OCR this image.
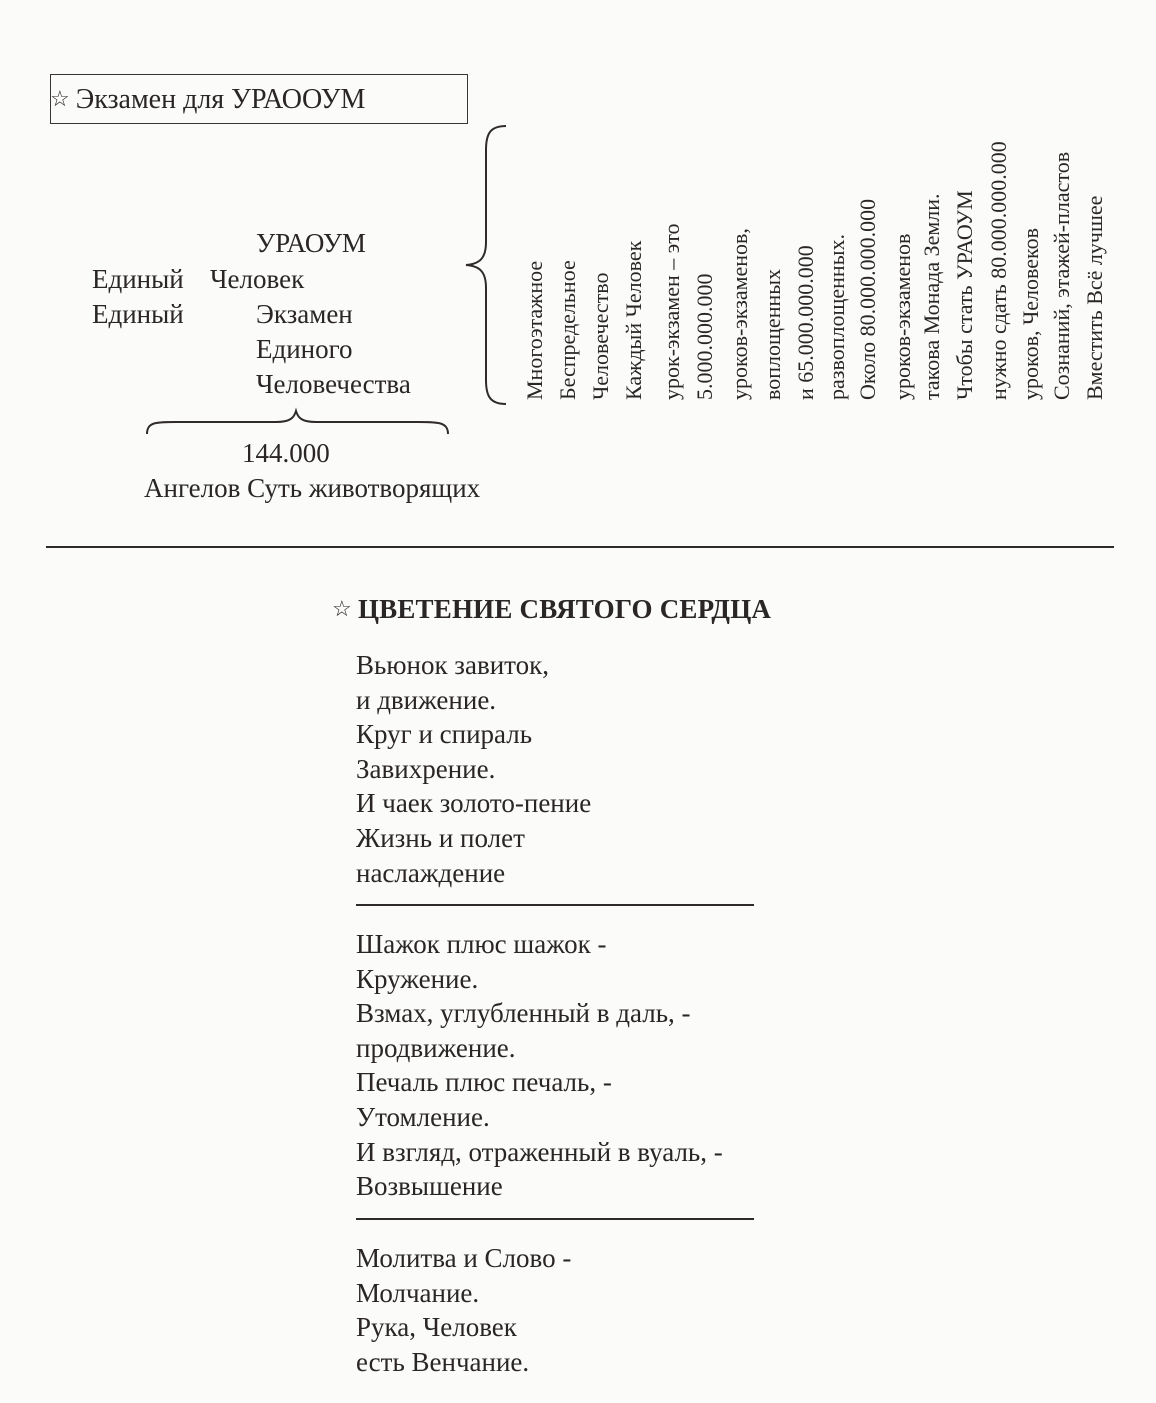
☆ Экзамен для УРАООУМ
УРАОУМ
Единый Человек
Единый	Экзамен
Единого
Человечества
144.000
Ангелов Суть животворящих
Многоэтажное Беспредельное Человечество Каждый Человек урок-экзамен – это 5.000.000.000 уроков-экзаменов, воплощенных и 65.000.000.000 развоплощенных. Около 80.000.000.000 уроков-экзаменов такова Монада Земли. Чтобы стать УРАОУМ нужно сдать 80.000.000.000 уроков, Человеков Сознаний, этажей-пластов Вместить Всё лучшее
☆ ЦВЕТЕНИЕ СВЯТОГО СЕРДЦА
Вьюнок завиток,
и движение.
Круг и спираль
Завихрение.
И чаек золото-пение
Жизнь и полет
наслаждение
Шажок плюс шажок -
Кружение.
Взмах, углубленный в даль, -
продвижение.
Печаль плюс печаль, -
Утомление.
И взгляд, отраженный в вуаль, -
Возвышение
Молитва и Слово -
Молчание.
Рука, Человек
есть Венчание.
